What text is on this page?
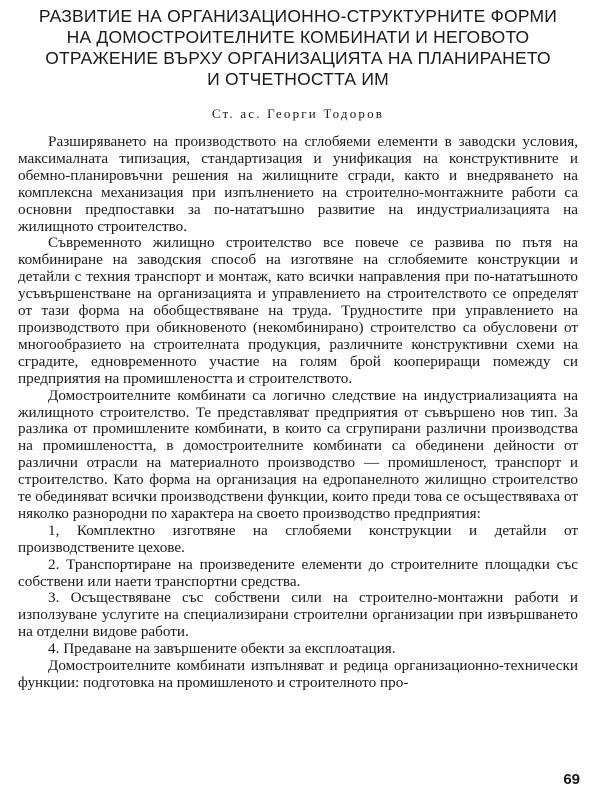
РАЗВИТИЕ НА ОРГАНИЗАЦИОННО-СТРУКТУРНИТЕ ФОРМИ
НА ДОМОСТРОИТЕЛНИТЕ КОМБИНАТИ И НЕГОВОТО
ОТРАЖЕНИЕ ВЪРХУ ОРГАНИЗАЦИЯТА НА ПЛАНИРАНЕТО
И ОТЧЕТНОСТТА ИМ
Ст. ас. Георги Тодоров

Разширяването на производството на сглобяеми елементи в заводски условия, максималната типизация, стандартизация и унификация на конструктивните и обемно-планировъчни решения на жилищните сгради, както и внедряването на комплексна механизация при изпълнението на строително-монтажните работи са основни предпоставки за по-нататъшно развитие на индустриализацията на жилищното строителство.

Съвременното жилищно строителство все повече се развива по пътя на комбиниране на заводския способ на изготвяне на сглобяемите конструкции и детайли с техния транспорт и монтаж, като всички направления при по-нататъшното усъвършенстване на организацията и управлението на строителството се определят от тази форма на обобществяване на труда. Трудностите при управлението на производството при обикновеното (некомбинирано) строителство са обусловени от многообразието на строителната продукция, различните конструктивни схеми на сградите, едновременното участие на голям брой коопериращи помежду си предприятия на промишлеността и строителството.

Домостроителните комбинати са логично следствие на индустриализацията на жилищното строителство. Те представляват предприятия от съвършено нов тип. За разлика от промишлените комбинати, в които са сгрупирани различни производства на промишлеността, в домостроителните комбинати са обединени дейности от различни отрасли на материалното производство — промишленост, транспорт и строителство. Като форма на организация на едропанелното жилищно строителство те обединяват всички производствени функции, които преди това се осъществяваха от няколко разнородни по характера на своето производство предприятия:

1, Комплектно изготвяне на сглобяеми конструкции и детайли от производствените цехове.

2. Транспортиране на произведените елементи до строителните площадки със собствени или наети транспортни средства.

3. Осъществяване със собствени сили на строително-монтажни работи и използуване услугите на специализирани строителни организации при извършването на отделни видове работи.

4. Предаване на завършените обекти за експлоатация.

Домостроителните комбинати изпълняват и редица организационно-технически функции: подготовка на промишленото и строителното про-

69
